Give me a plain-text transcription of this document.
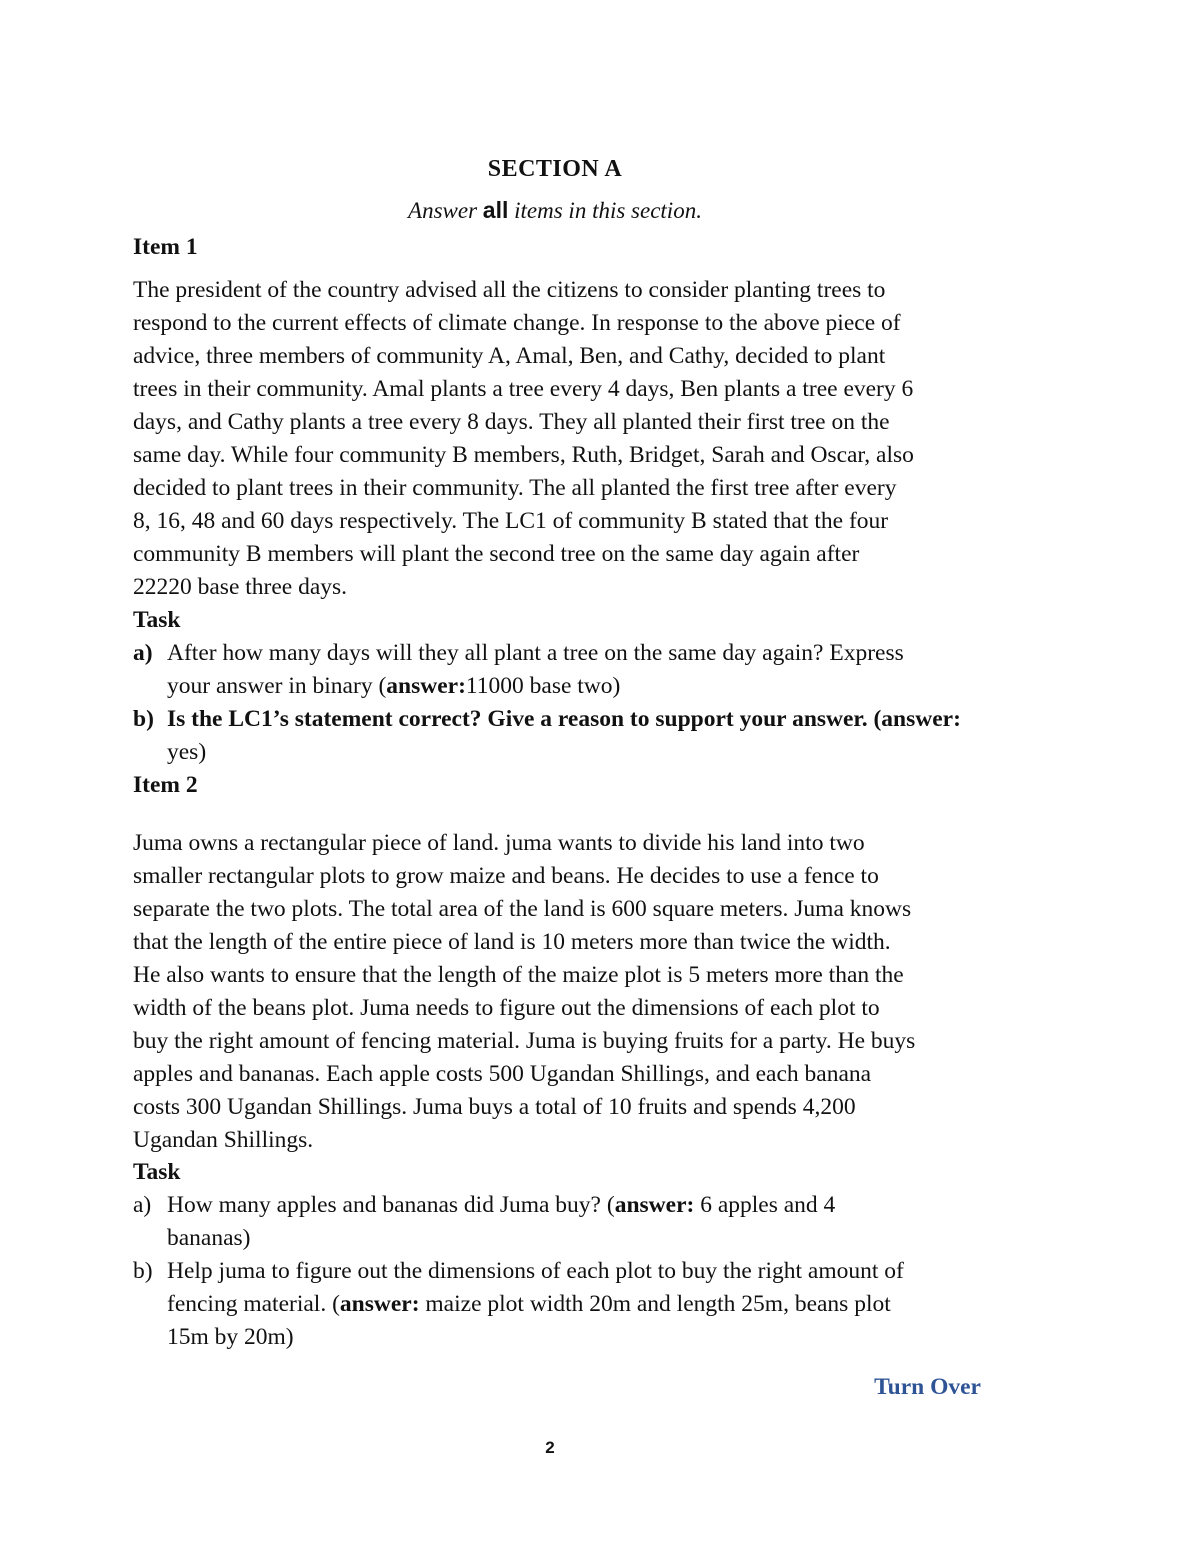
SECTION A
Answer all items in this section.
Item 1
The president of the country advised all the citizens to consider planting trees to
respond to the current effects of climate change. In response to the above piece of
advice, three members of community A, Amal, Ben, and Cathy, decided to plant
trees in their community. Amal plants a tree every 4 days, Ben plants a tree every 6
days, and Cathy plants a tree every 8 days. They all planted their first tree on the
same day. While four community B members, Ruth, Bridget, Sarah and Oscar, also
decided to plant trees in their community. The all planted the first tree after every
8, 16, 48 and 60 days respectively. The LC1 of community B stated that the four
community B members will plant the second tree on the same day again after
22220 base three days.
Task
a) After how many days will they all plant a tree on the same day again? Express
your answer in binary (answer:11000 base two)
b) Is the LC1’s statement correct? Give a reason to support your answer. (answer:
yes)
Item 2
Juma owns a rectangular piece of land. juma wants to divide his land into two
smaller rectangular plots to grow maize and beans. He decides to use a fence to
separate the two plots. The total area of the land is 600 square meters. Juma knows
that the length of the entire piece of land is 10 meters more than twice the width.
He also wants to ensure that the length of the maize plot is 5 meters more than the
width of the beans plot. Juma needs to figure out the dimensions of each plot to
buy the right amount of fencing material. Juma is buying fruits for a party. He buys
apples and bananas. Each apple costs 500 Ugandan Shillings, and each banana
costs 300 Ugandan Shillings. Juma buys a total of 10 fruits and spends 4,200
Ugandan Shillings.
Task
a) How many apples and bananas did Juma buy? (answer: 6 apples and 4
bananas)
b) Help juma to figure out the dimensions of each plot to buy the right amount of
fencing material. (answer: maize plot width 20m and length 25m, beans plot
15m by 20m)
Turn Over
2
